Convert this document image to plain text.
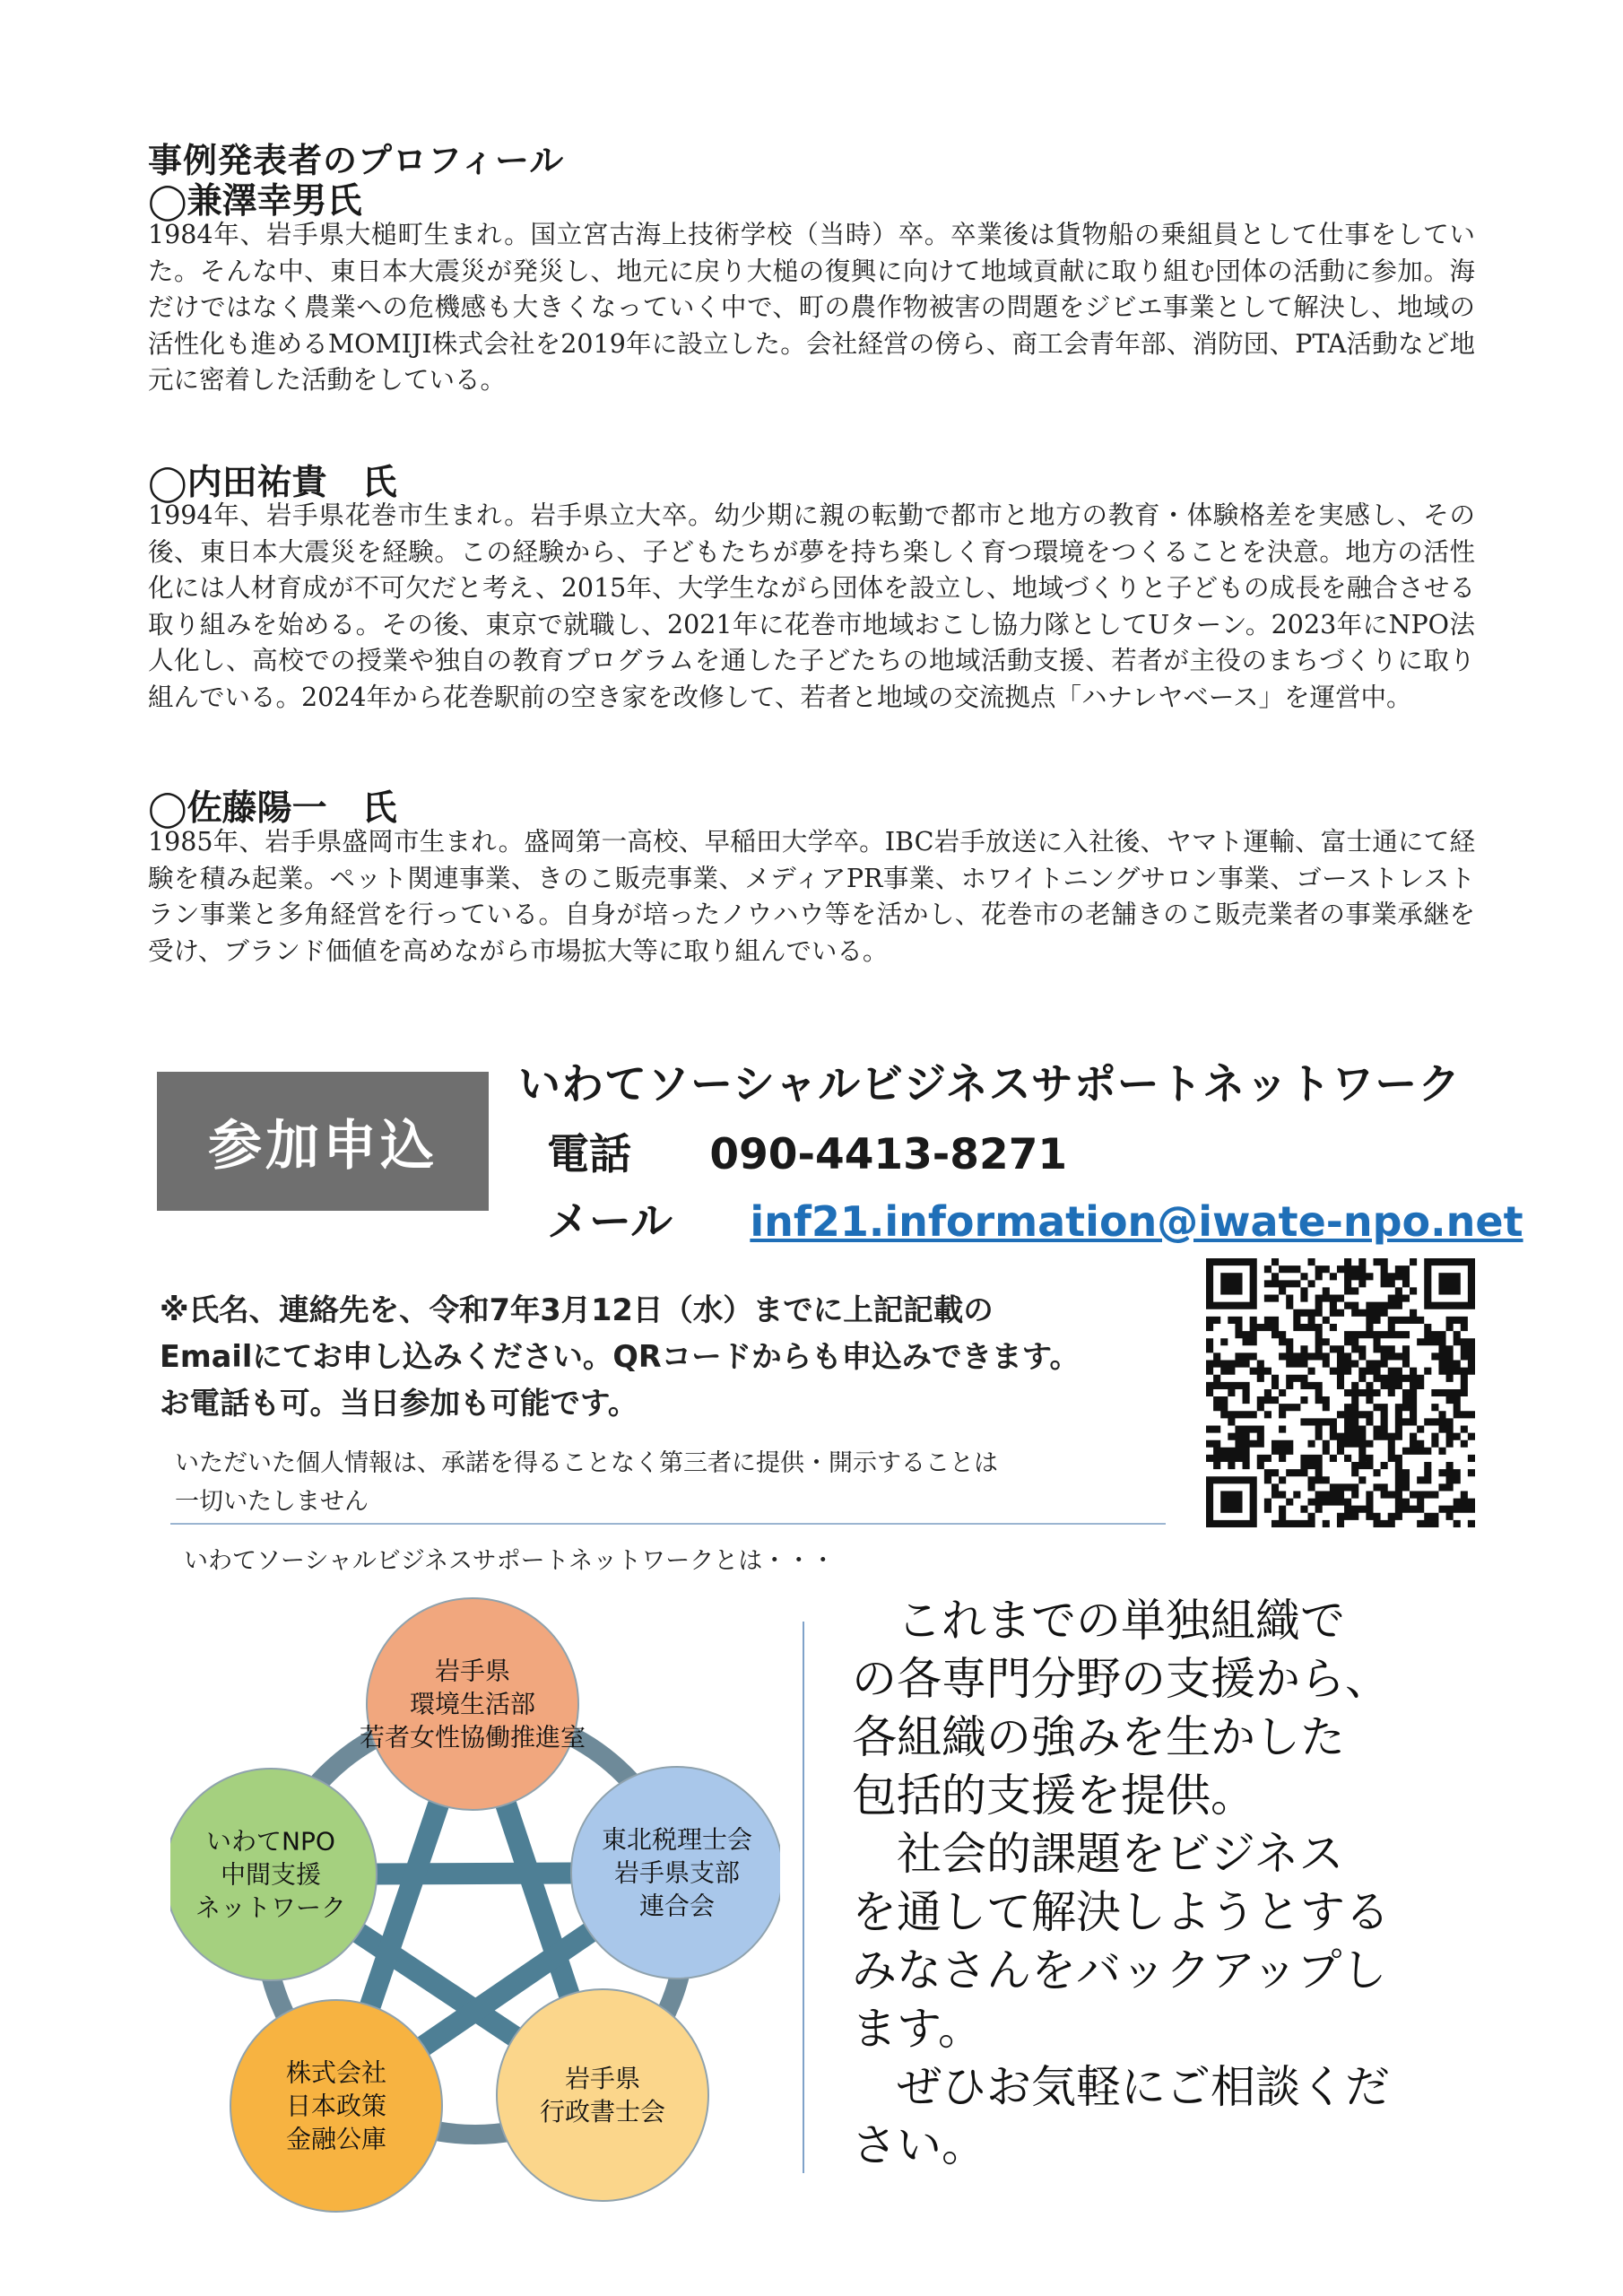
事例発表者のプロフィール
◯兼澤幸男氏
1984年、岩手県大槌町生まれ。国立宮古海上技術学校（当時）卒。卒業後は貨物船の乗組員として仕事をしていた。そんな中、東日本大震災が発災し、地元に戻り大槌の復興に向けて地域貢献に取り組む団体の活動に参加。海だけではなく農業への危機感も大きくなっていく中で、町の農作物被害の問題をジビエ事業として解決し、地域の活性化も進めるMOMIJI株式会社を2019年に設立した。会社経営の傍ら、商工会青年部、消防団、PTA活動など地元に密着した活動をしている。
◯内田祐貴　氏
1994年、岩手県花巻市生まれ。岩手県立大卒。幼少期に親の転勤で都市と地方の教育・体験格差を実感し、その後、東日本大震災を経験。この経験から、子どもたちが夢を持ち楽しく育つ環境をつくることを決意。地方の活性化には人材育成が不可欠だと考え、2015年、大学生ながら団体を設立し、地域づくりと子どもの成長を融合させる取り組みを始める。その後、東京で就職し、2021年に花巻市地域おこし協力隊としてUターン。2023年にNPO法人化し、高校での授業や独自の教育プログラムを通した子どたちの地域活動支援、若者が主役のまちづくりに取り組んでいる。2024年から花巻駅前の空き家を改修して、若者と地域の交流拠点「ハナレヤベース」を運営中。
◯佐藤陽一　氏
1985年、岩手県盛岡市生まれ。盛岡第一高校、早稲田大学卒。IBC岩手放送に入社後、ヤマト運輸、富士通にて経験を積み起業。ペット関連事業、きのこ販売事業、メディアPR事業、ホワイトニングサロン事業、ゴーストレストラン事業と多角経営を行っている。自身が培ったノウハウ等を活かし、花巻市の老舗きのこ販売業者の事業承継を受け、ブランド価値を高めながら市場拡大等に取り組んでいる。
参加申込
いわてソーシャルビジネスサポートネットワーク
電話 090-4413-8271
メール inf21.information@iwate-npo.net
※氏名、連絡先を、令和7年3月12日（水）までに上記記載の
Emailにてお申し込みください。QRコードからも申込みできます。
お電話も可。当日参加も可能です。
いただいた個人情報は、承諾を得ることなく第三者に提供・開示することは
一切いたしません
いわてソーシャルビジネスサポートネットワークとは・・・
岩手県
環境生活部
若者女性協働推進室
東北税理士会
岩手県支部
連合会
岩手県
行政書士会
株式会社
日本政策
金融公庫
いわてNPO
中間支援
ネットワーク

　これまでの単独組織で

の各専門分野の支援から、

各組織の強みを生かした

包括的支援を提供。

　社会的課題をビジネス

を通して解決しようとする

みなさんをバックアップし

ます。

　ぜひお気軽にご相談くだ

さい。
